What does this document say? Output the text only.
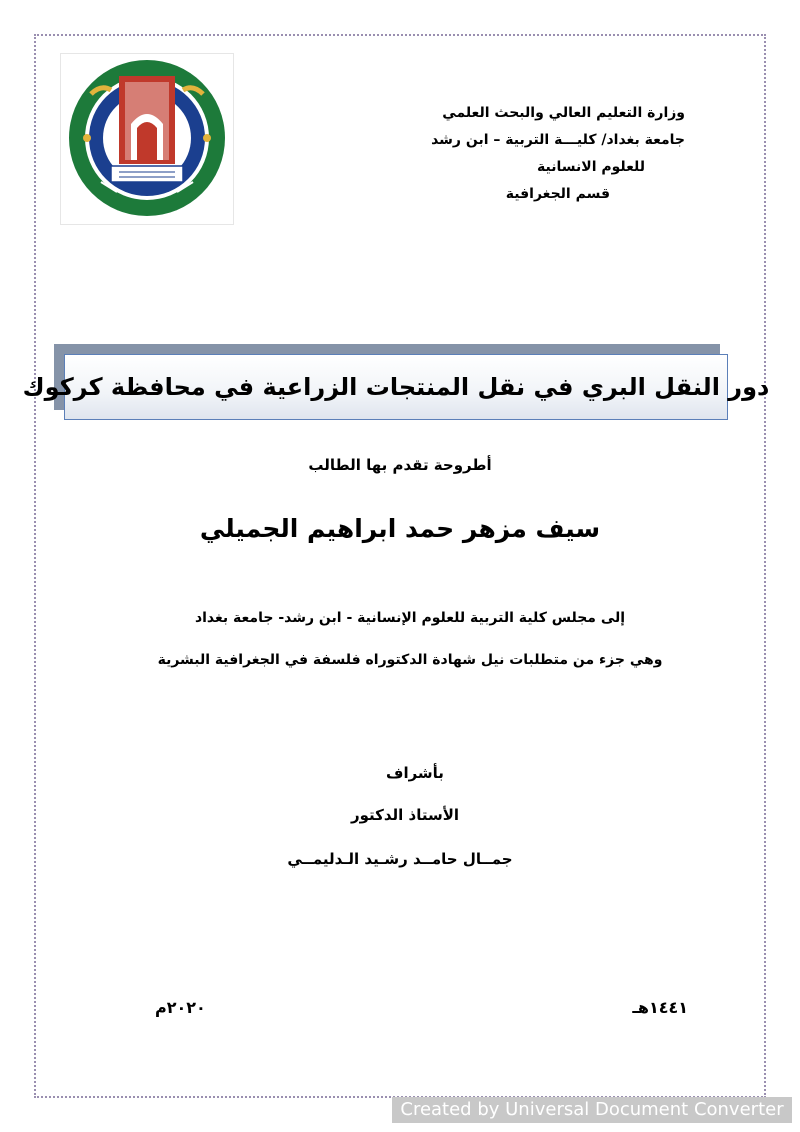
وزارة التعليم العالي والبحث العلمي
جامعة بغداد/ كليـــة التربية – ابن رشد
للعلوم الانسانية
قسم الجغرافية
دور النقل البري في نقل المنتجات الزراعية في محافظة كركوك
أطروحة تقدم بها الطالب
سيف مزهر حمد ابراهيم الجميلي
إلى مجلس كلية التربية للعلوم الإنسانية - ابن رشد- جامعة بغداد
وهي جزء من متطلبات نيل شهادة الدكتوراه فلسفة في الجغرافية البشرية
بأشراف
الأستاذ الدكتور
جمــال حامــد رشـيد الـدليمــي
١٤٤١هـ
٢٠٢٠م
Created by Universal Document Converter
